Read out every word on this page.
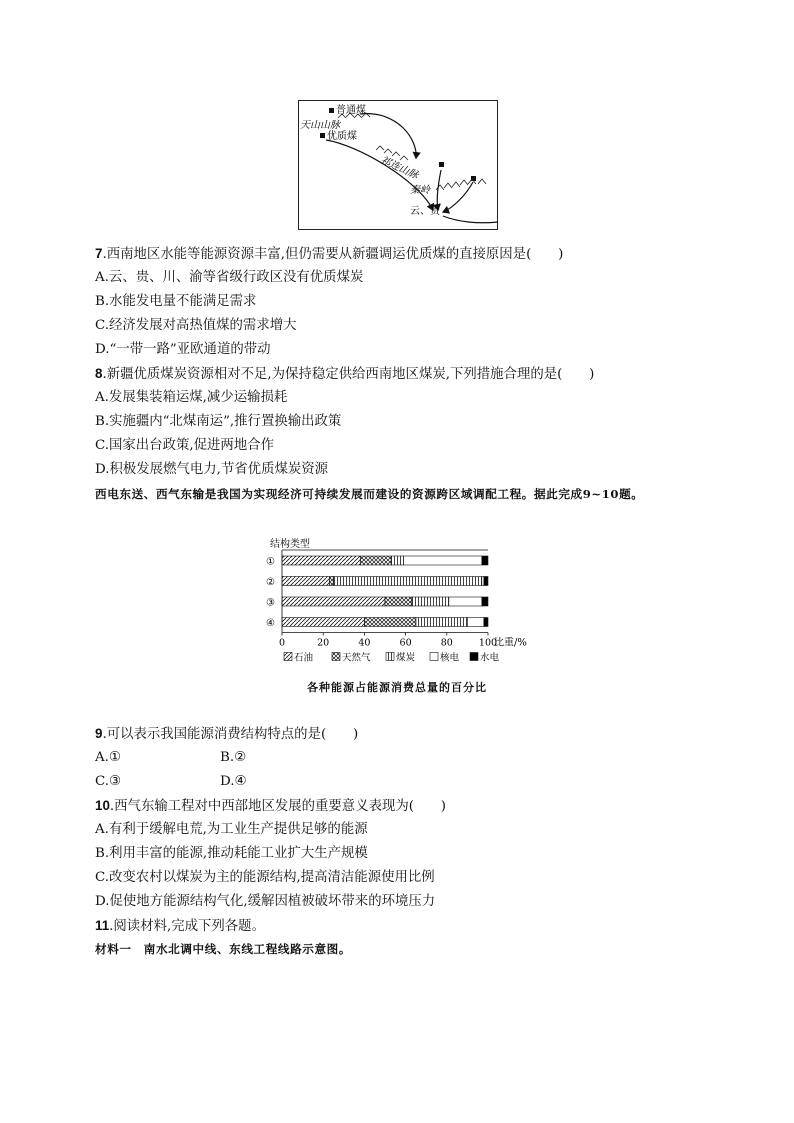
普通煤
天山山脉
优质煤
祁连山脉
秦岭
云、贵
7.西南地区水能等能源资源丰富,但仍需要从新疆调运优质煤的直接原因是(　　)
A.云、贵、川、渝等省级行政区没有优质煤炭
B.水能发电量不能满足需求
C.经济发展对高热值煤的需求增大
D.“一带一路”亚欧通道的带动
8.新疆优质煤炭资源相对不足,为保持稳定供给西南地区煤炭,下列措施合理的是(　　)
A.发展集装箱运煤,减少运输损耗
B.实施疆内“北煤南运”,推行置换输出政策
C.国家出台政策,促进两地合作
D.积极发展燃气电力,节省优质煤炭资源
西电东送、西气东输是我国为实现经济可持续发展而建设的资源跨区域调配工程。据此完成9~10题。
结构类型
①
②
③
④
0	20	40	60	80	100
比重/%
石油	天然气	煤炭	核电 水电
各种能源占能源消费总量的百分比
9.可以表示我国能源消费结构特点的是(　　)
A.①	B.②
C.③	D.④
10.西气东输工程对中西部地区发展的重要意义表现为(　　)
A.有利于缓解电荒,为工业生产提供足够的能源
B.利用丰富的能源,推动耗能工业扩大生产规模
C.改变农村以煤炭为主的能源结构,提高清洁能源使用比例
D.促使地方能源结构气化,缓解因植被破坏带来的环境压力
11.阅读材料,完成下列各题。
材料一　南水北调中线、东线工程线路示意图。
